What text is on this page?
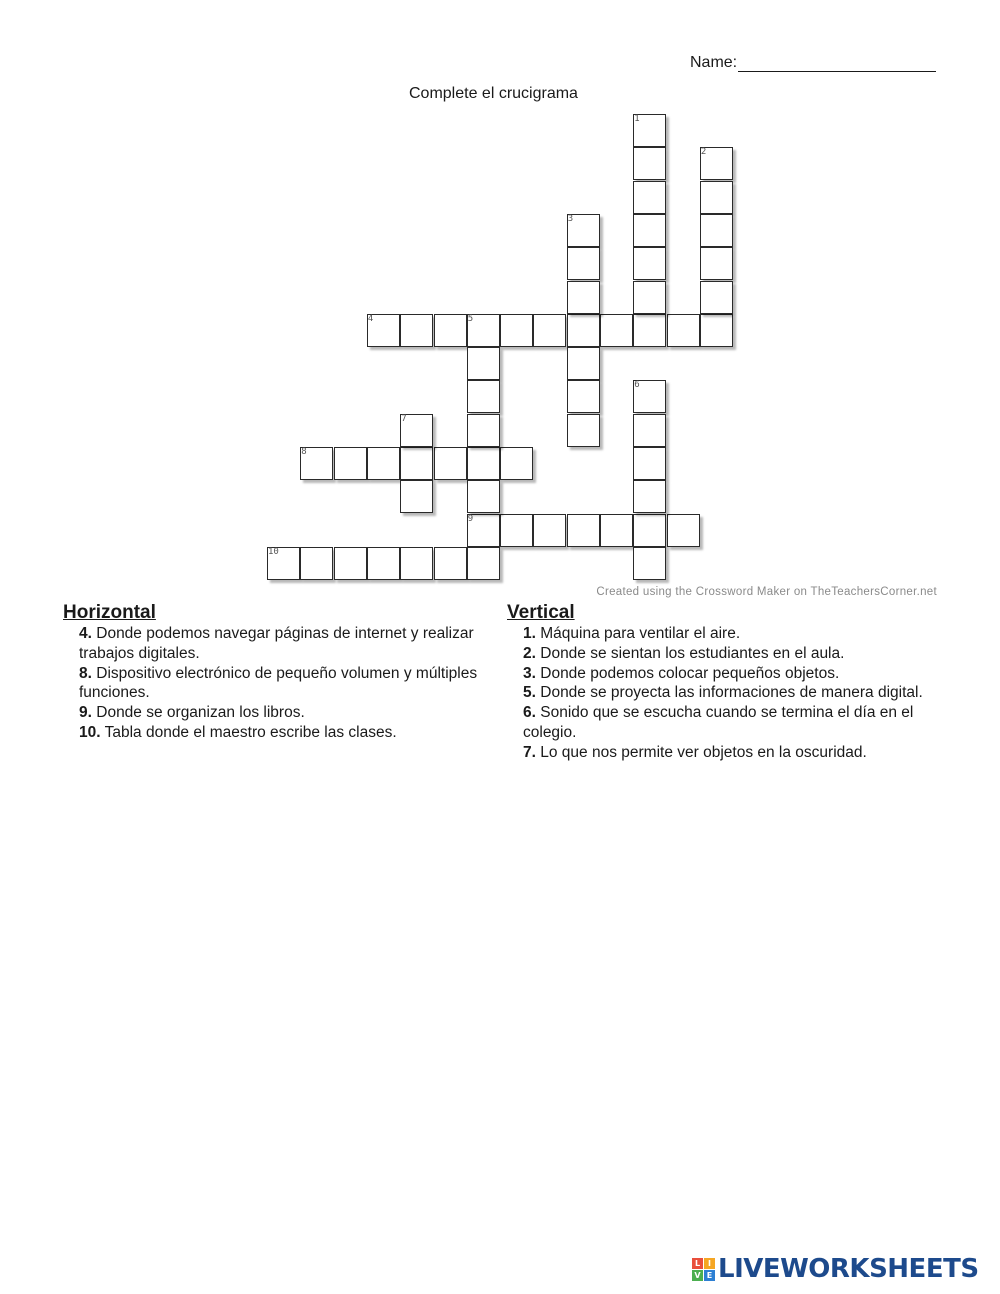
Name:
Complete el crucigrama
4	5
8
9
10
1
2
3
6
7
Created using the Crossword Maker on TheTeachersCorner.net
Horizontal
4. Donde podemos navegar páginas de internet y realizar trabajos digitales.
8. Dispositivo electrónico de pequeño volumen y múltiples funciones.
9. Donde se organizan los libros.
10. Tabla donde el maestro escribe las clases.
Vertical
1. Máquina para ventilar el aire.
2. Donde se sientan los estudiantes en el aula.
3. Donde podemos colocar pequeños objetos.
5. Donde se proyecta las informaciones de manera digital.
6. Sonido que se escucha cuando se termina el día en el colegio.
7. Lo que nos permite ver objetos en la oscuridad.
L I
V E LIVEWORKSHEETS
